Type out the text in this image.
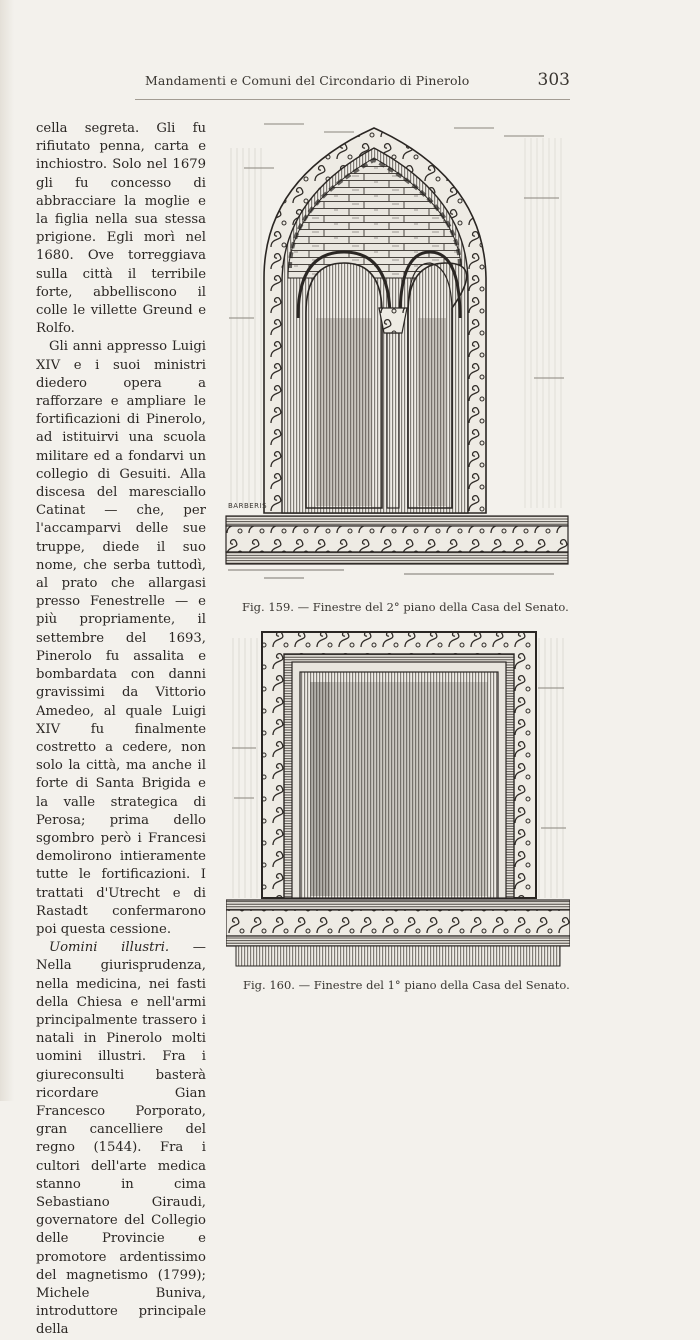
Mandamenti e Comuni del Circondario di Pinerolo	303

cella segreta. Gli fu rifiutato penna, carta e inchiostro. Solo nel 1679 gli fu concesso di abbracciare la moglie e la figlia nella sua stessa prigione. Egli morì nel 1680. Ove torreggiava sulla città il terribile forte, abbelliscono il colle le villette Greund e Rolfo.

Gli anni appresso Luigi XIV e i suoi ministri diedero opera a rafforzare e ampliare le fortificazioni di Pinerolo, ad istituirvi una scuola militare ed a fondarvi un collegio di Gesuiti. Alla discesa del maresciallo Catinat — che, per l'accamparvi delle sue truppe, diede il suo nome, che serba tuttodì, al prato che allargasi presso Fenestrelle — e più propriamente, il settembre del 1693, Pinerolo fu assalita e bombardata con danni gravissimi da Vittorio Amedeo, al quale Luigi XIV fu finalmente costretto a cedere, non solo la città, ma anche il forte di Santa Brigida e la valle strategica di Perosa; prima dello sgombro però i Francesi demolirono intieramente tutte le fortificazioni. I trattati d'Utrecht e di Rastadt confermarono poi questa cessione.

Uomini illustri. — Nella giurisprudenza, nella medicina, nei fasti della Chiesa e nell'armi principalmente trassero i natali in Pinerolo molti uomini illustri. Fra i giureconsulti basterà ricordare Gian Francesco Porporato, gran cancelliere del regno (1544). Fra i cultori dell'arte medica stanno in cima Sebastiano Giraudi, governatore del Collegio delle Provincie e promotore ardentissimo del magnetismo (1799); Michele Buniva, introduttore principale della

BARBERIS
Fig. 159. — Finestre del 2° piano della Casa del Senato.
Fig. 160. — Finestre del 1° piano della Casa del Senato.
